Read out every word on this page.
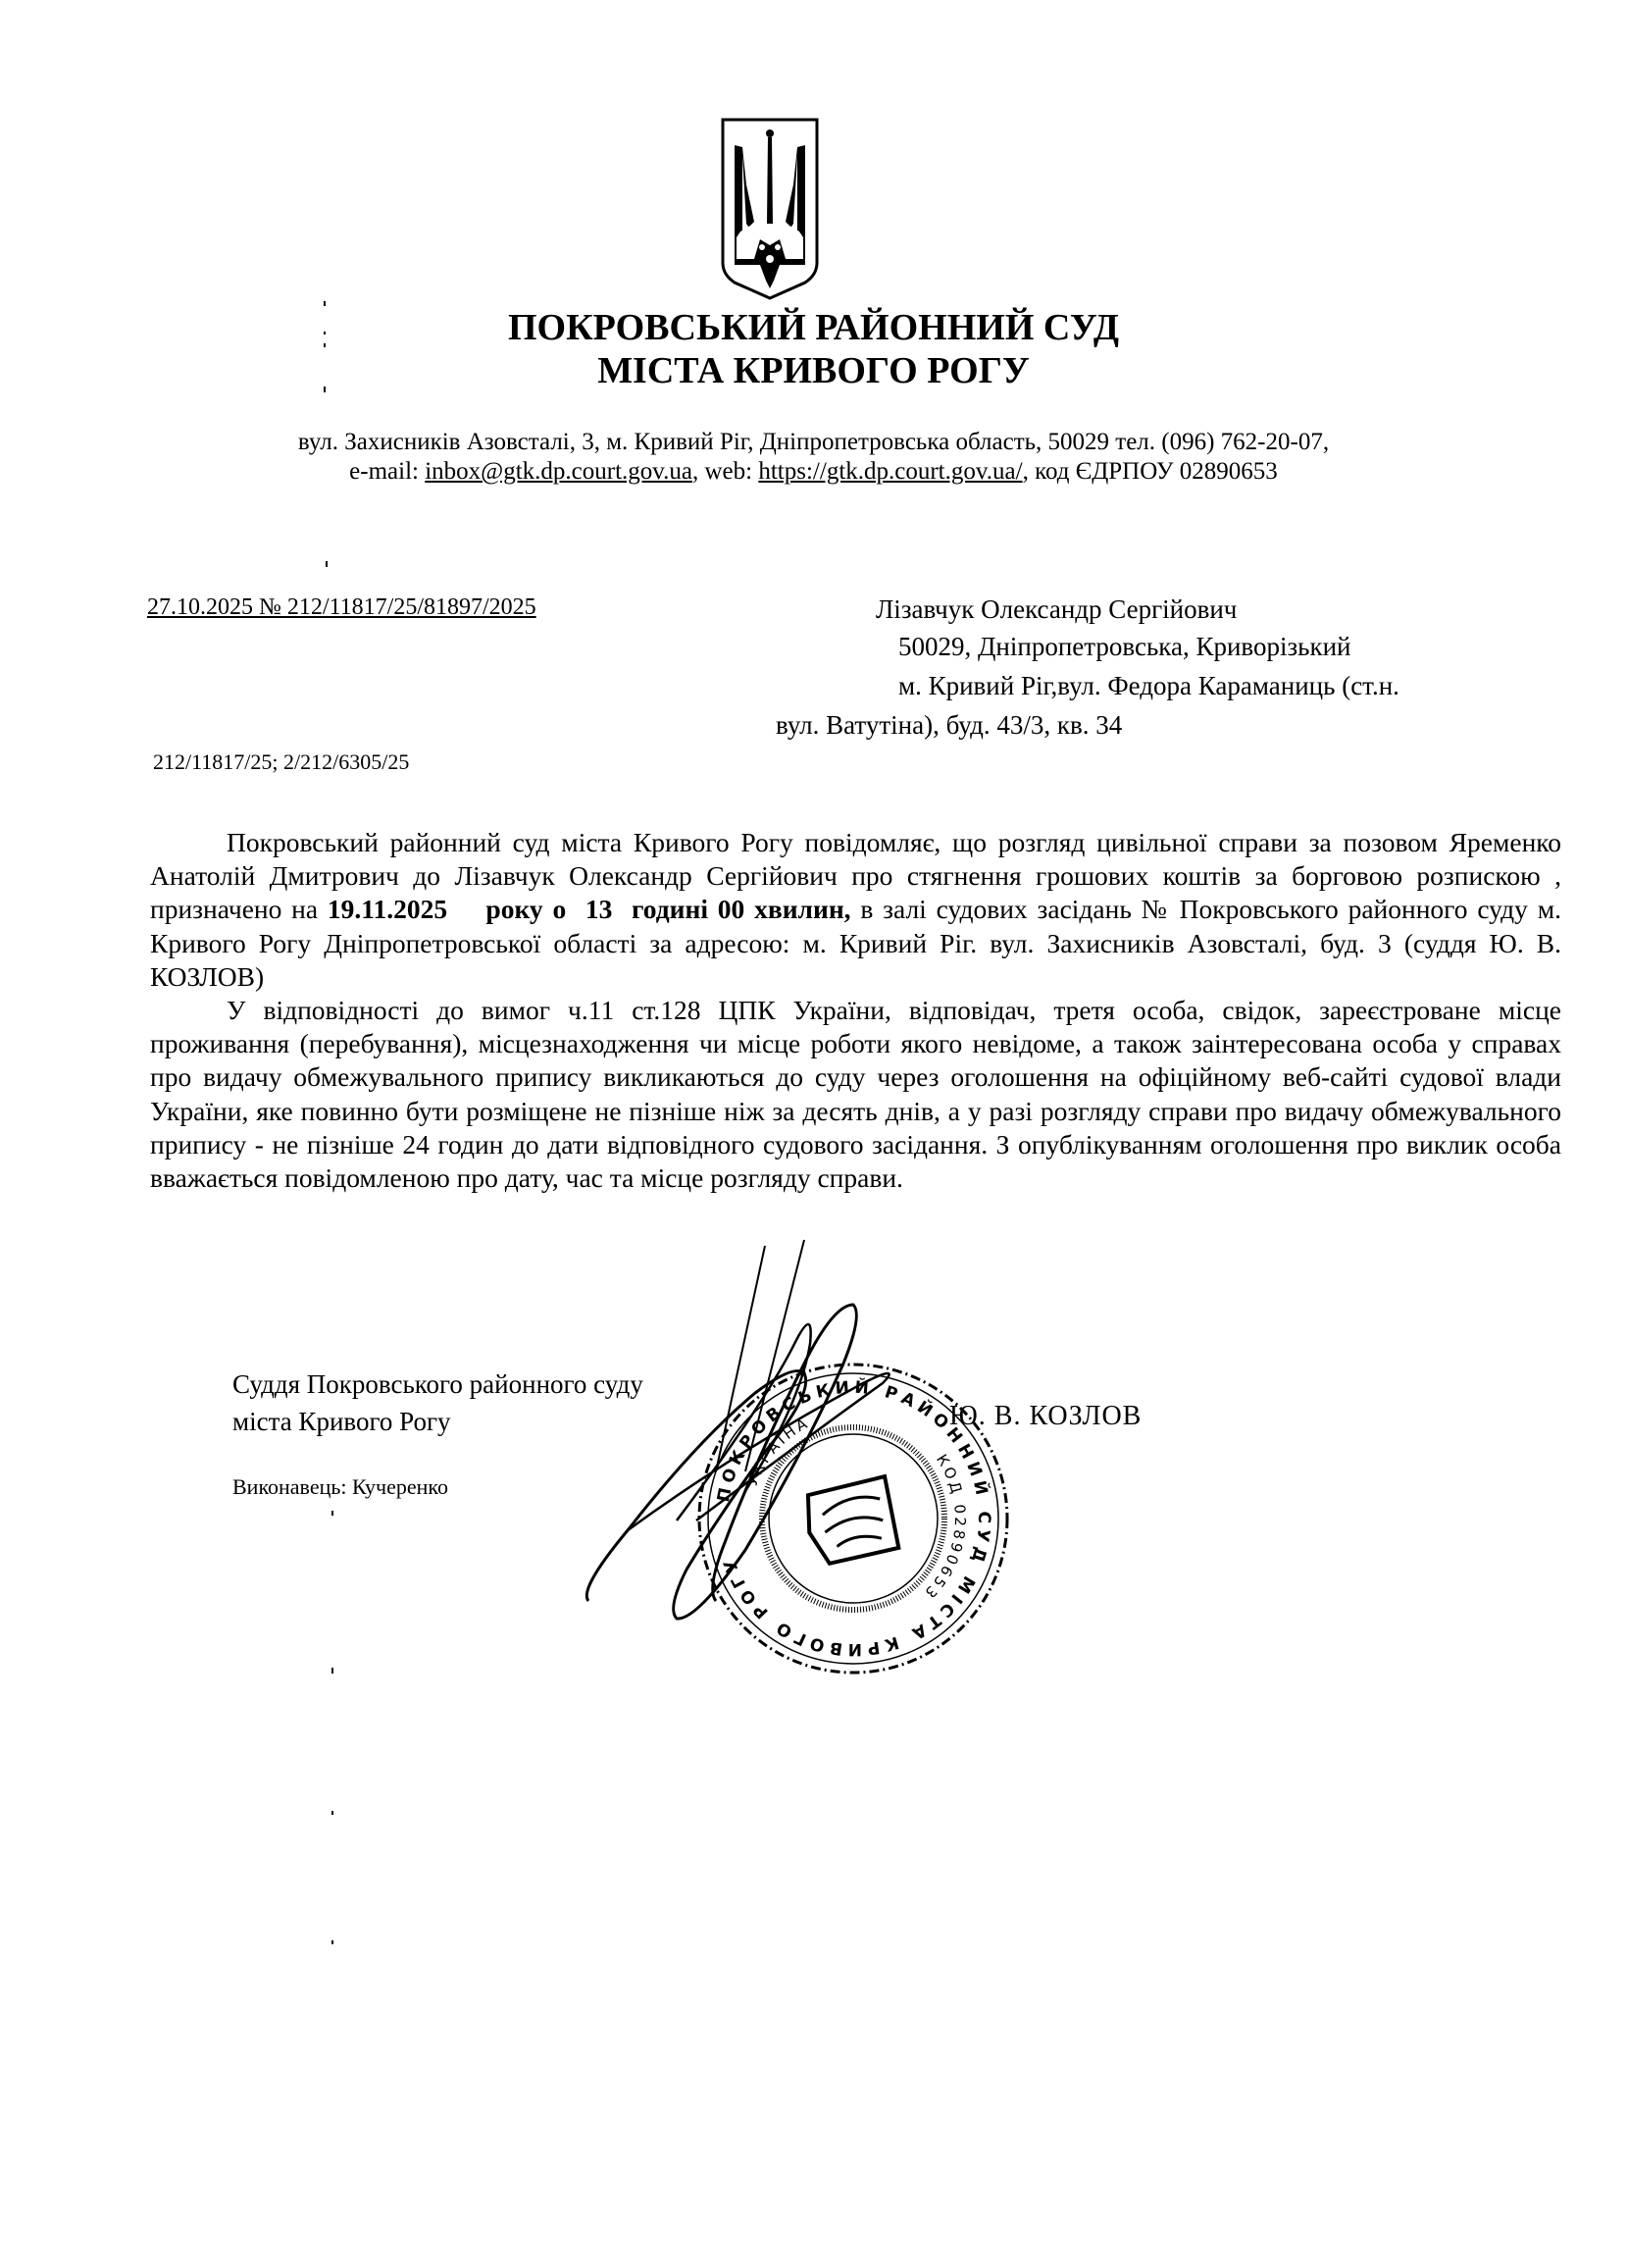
ПОКРОВСЬКИЙ РАЙОННИЙ СУД
МІСТА КРИВОГО РОГУ
вул. Захисників Азовсталі, 3, м. Кривий Ріг, Дніпропетровська область, 50029 тел. (096) 762-20-07,
e-mail: inbox@gtk.dp.court.gov.ua, web: https://gtk.dp.court.gov.ua/, код ЄДРПОУ 02890653
27.10.2025 № 212/11817/25/81897/2025	Лізавчук Олександр Сергійович
50029, Дніпропетровська, Криворізький
м. Кривий Ріг,вул. Федора Караманиць (ст.н.
вул. Ватутіна), буд. 43/3, кв. 34
212/11817/25; 2/212/6305/25

Покровський районний суд міста Кривого Рогу повідомляє, що розгляд цивільної справи за позовом Яременко Анатолій Дмитрович до Лізавчук Олександр Сергійович про стягнення грошових коштів за борговою розпискою , призначено на 19.11.2025 року о 13 годині 00 хвилин, в залі судових засідань № Покровського районного суду м. Кривого Рогу Дніпропетровської області за адресою: м. Кривий Ріг. вул. Захисників Азовсталі, буд. 3 (суддя Ю. В. КОЗЛОВ)

У відповідності до вимог ч.11 ст.128 ЦПК України, відповідач, третя особа, свідок, зареєстроване місце проживання (перебування), місцезнаходження чи місце роботи якого невідоме, а також заінтересована особа у справах про видачу обмежувального припису викликаються до суду через оголошення на офіційному веб-сайті судової влади України, яке повинно бути розміщене не пізніше ніж за десять днів, а у разі розгляду справи про видачу обмежувального припису - не пізніше 24 годин до дати відповідного судового засідання. З опублікуванням оголошення про виклик особа вважається повідомленою про дату, час та місце розгляду справи.

Суддя Покровського районного суду
міста Кривого Рогу	Ю. В. КОЗЛОВ
Виконавець: Кучеренко	ПОКРОВСЬКИЙ РАЙОННИЙ СУД МІСТА КРИВОГО РОГУ
КОД 02890653
УКРАЇНА
